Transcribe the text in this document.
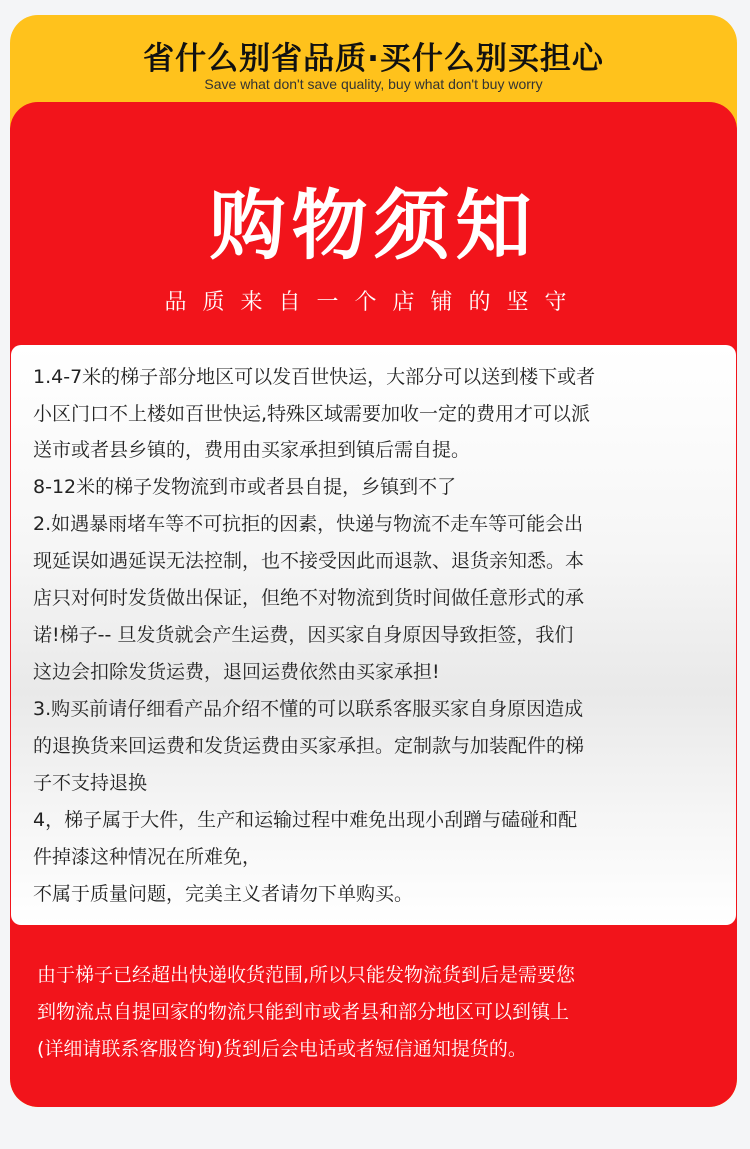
省什么别省品质·买什么别买担心
Save what don't save quality, buy what don't buy worry
购物须知
品质来自一个店铺的坚守
1.4-7米的梯子部分地区可以发百世快运，大部分可以送到楼下或者
小区门口不上楼如百世快运,特殊区域需要加收一定的费用才可以派
送市或者县乡镇的，费用由买家承担到镇后需自提。
8-12米的梯子发物流到市或者县自提，乡镇到不了
2.如遇暴雨堵车等不可抗拒的因素，快递与物流不走车等可能会出
现延误如遇延误无法控制，也不接受因此而退款、退货亲知悉。本
店只对何时发货做出保证，但绝不对物流到货时间做任意形式的承
诺!梯子-- 旦发货就会产生运费，因买家自身原因导致拒签，我们
这边会扣除发货运费，退回运费依然由买家承担!
3.购买前请仔细看产品介绍不懂的可以联系客服买家自身原因造成
的退换货来回运费和发货运费由买家承担。定制款与加装配件的梯
子不支持退换
4，梯子属于大件，生产和运输过程中难免出现小刮蹭与磕碰和配
件掉漆这种情况在所难免，
不属于质量问题，完美主义者请勿下单购买。
由于梯子已经超出快递收货范围,所以只能发物流货到后是需要您
到物流点自提回家的物流只能到市或者县和部分地区可以到镇上
(详细请联系客服咨询)货到后会电话或者短信通知提货的。
